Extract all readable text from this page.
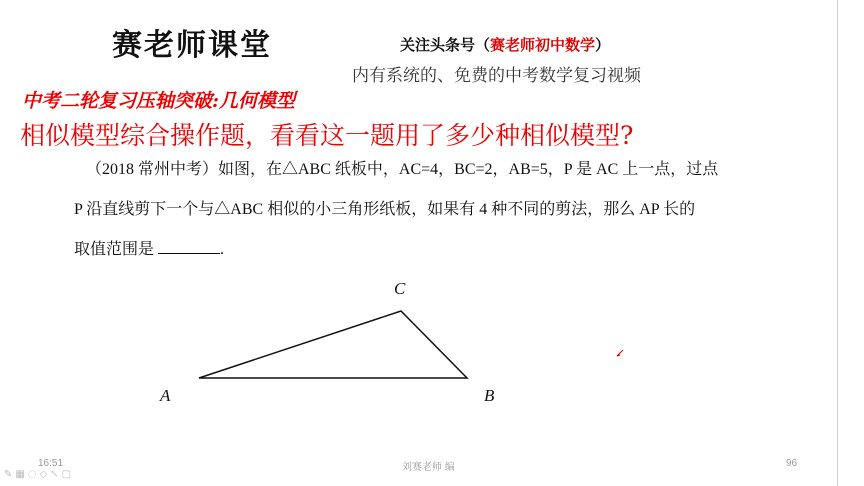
赛老师课堂	关注头条号（赛老师初中数学）
内有系统的、免费的中考数学复习视频
中考二轮复习压轴突破:几何模型
相似模型综合操作题，看看这一题用了多少种相似模型?
（2018 常州中考）如图，在△ABC 纸板中，AC=4，BC=2，AB=5，P 是 AC 上一点，过点
P 沿直线剪下一个与△ABC 相似的小三角形纸板，如果有 4 种不同的剪法，那么 AP 长的
取值范围是	.
A	B
C
16:51	刘赛老师 编	96
✎▦◌◇↖▢
